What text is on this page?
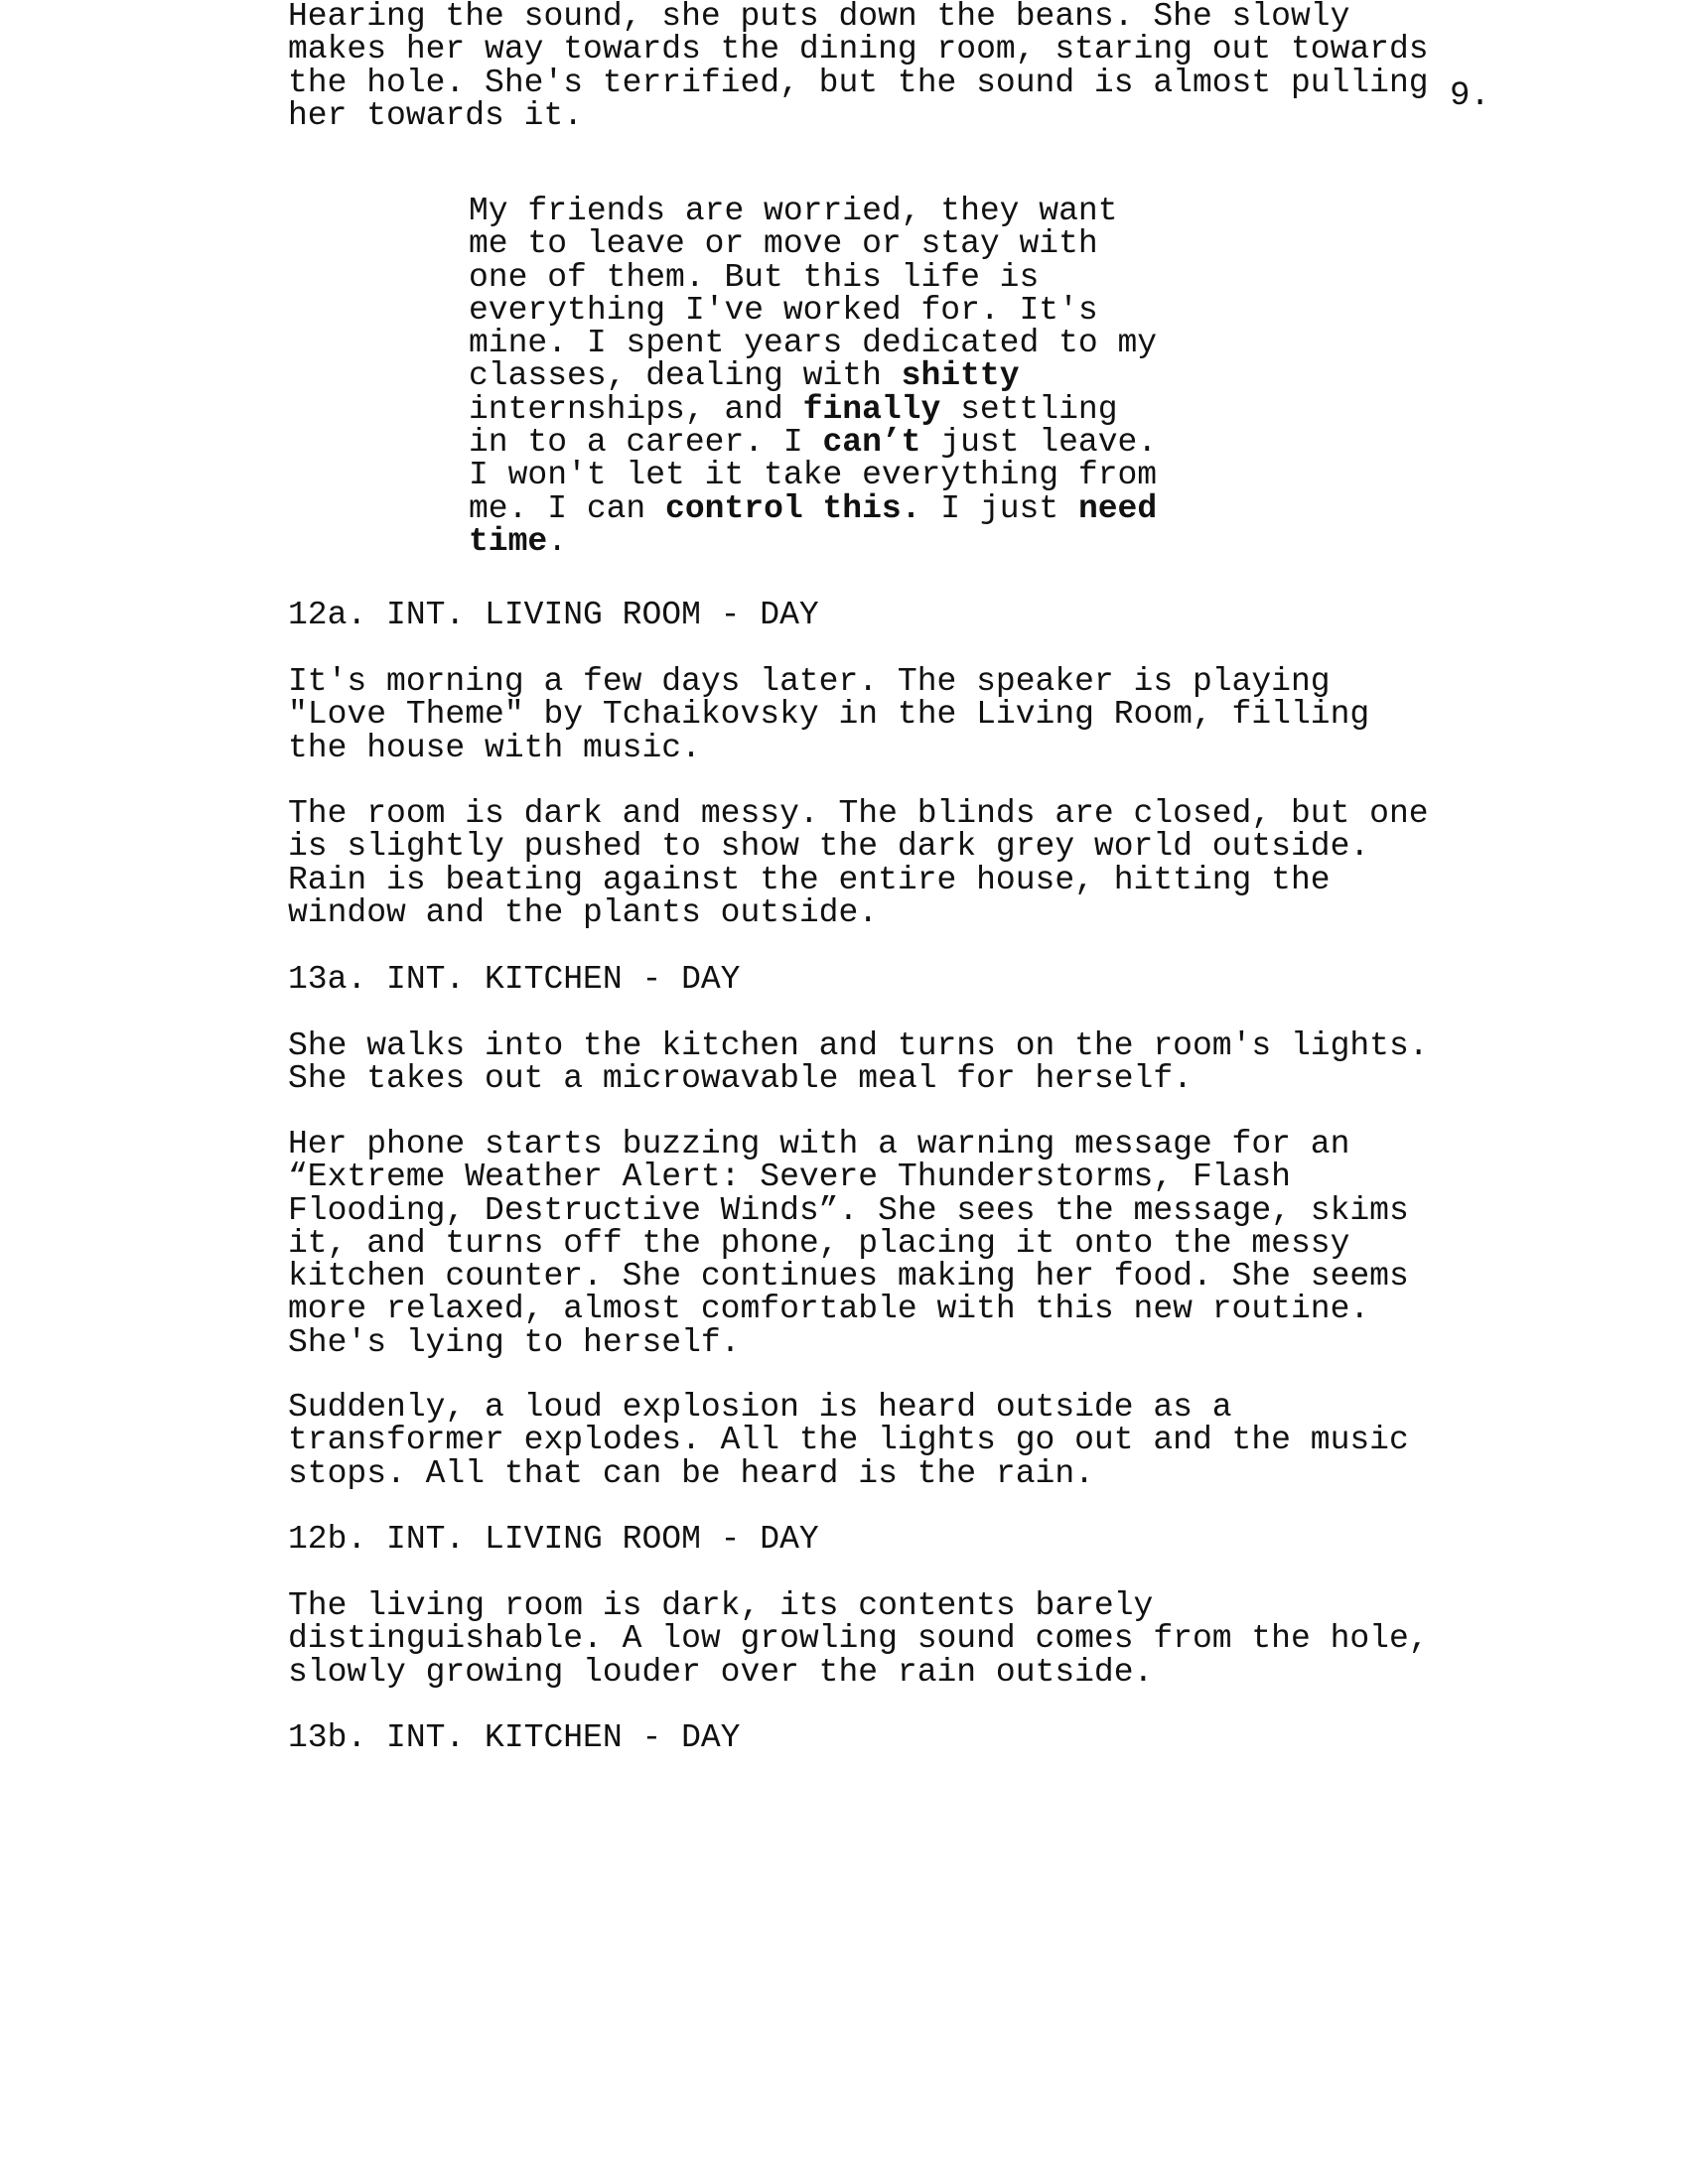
9.

My friends are worried, they want
me to leave or move or stay with
one of them. But this life is
everything I've worked for. It's
mine. I spent years dedicated to my
classes, dealing with shitty
internships, and finally settling
in to a career. I can’t just leave.
I won't let it take everything from
me. I can control this. I just need
time.
12a. INT. LIVING ROOM - DAY
It's morning a few days later. The speaker is playing
"Love Theme" by Tchaikovsky in the Living Room, filling
the house with music.
The room is dark and messy. The blinds are closed, but one
is slightly pushed to show the dark grey world outside.
Rain is beating against the entire house, hitting the
window and the plants outside.
13a. INT. KITCHEN - DAY
She walks into the kitchen and turns on the room's lights.
She takes out a microwavable meal for herself.
Her phone starts buzzing with a warning message for an
“Extreme Weather Alert: Severe Thunderstorms, Flash
Flooding, Destructive Winds”. She sees the message, skims
it, and turns off the phone, placing it onto the messy
kitchen counter. She continues making her food. She seems
more relaxed, almost comfortable with this new routine.
She's lying to herself.
Suddenly, a loud explosion is heard outside as a
transformer explodes. All the lights go out and the music
stops. All that can be heard is the rain.
12b. INT. LIVING ROOM - DAY
The living room is dark, its contents barely
distinguishable. A low growling sound comes from the hole,
slowly growing louder over the rain outside.
13b. INT. KITCHEN - DAY
Hearing the sound, she puts down the beans. She slowly
makes her way towards the dining room, staring out towards
the hole. She's terrified, but the sound is almost pulling
her towards it.
